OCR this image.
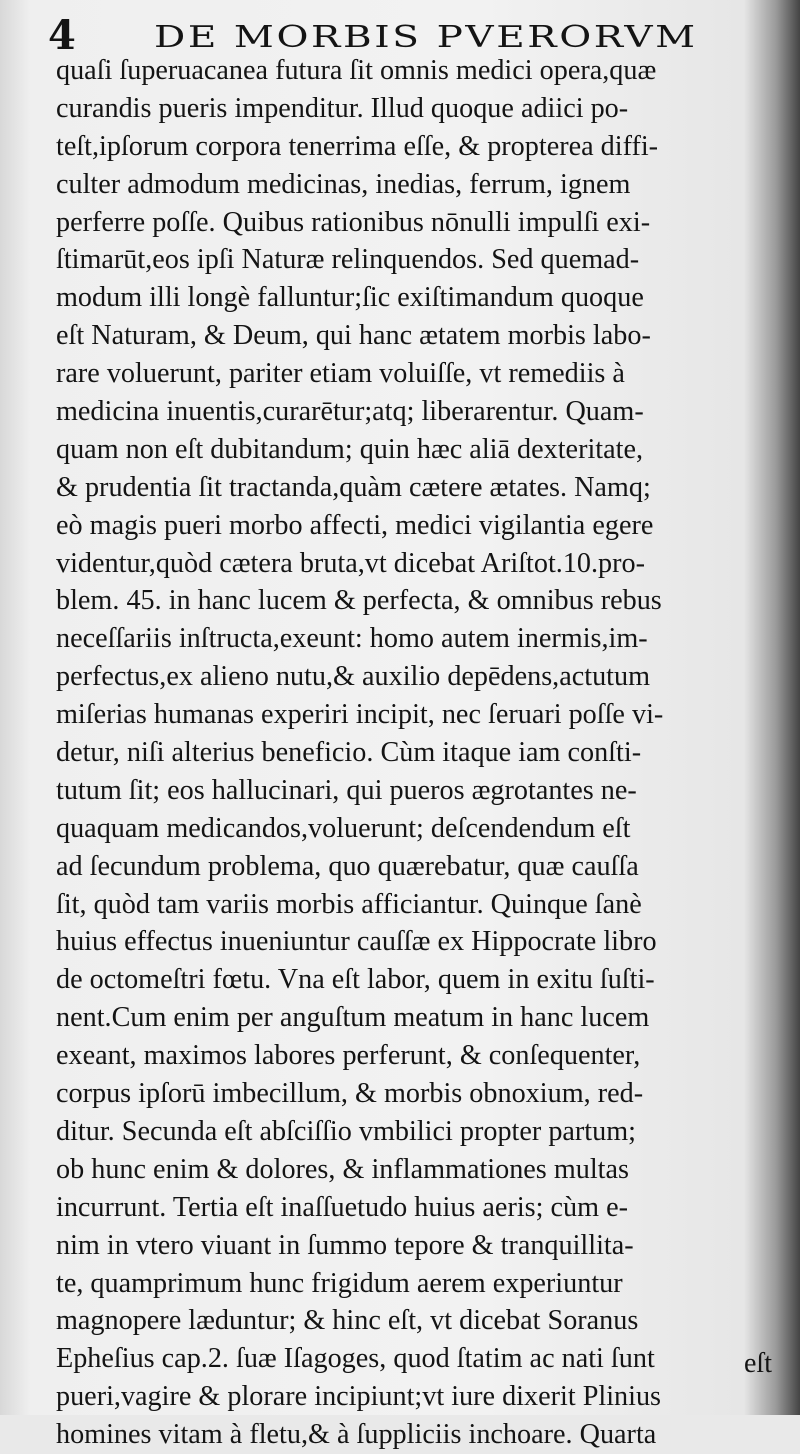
4	DE MORBIS PVERORVM
quaſi ſuperuacanea futura ſit omnis medici opera,quæ
curandis pueris impenditur. Illud quoque adiici po-
teſt,ipſorum corpora tenerrima eſſe, & propterea diffi-
culter admodum medicinas, inedias, ferrum, ignem
perferre poſſe. Quibus rationibus nōnulli impulſi exi-
ſtimarūt,eos ipſi Naturæ relinquendos. Sed quemad-
modum illi longè falluntur;ſic exiſtimandum quoque
eſt Naturam, & Deum, qui hanc ætatem morbis labo-
rare voluerunt, pariter etiam voluiſſe, vt remediis à
medicina inuentis,curarētur;atq; liberarentur. Quam-
quam non eſt dubitandum; quin hæc aliā dexteritate,
& prudentia ſit tractanda,quàm cætere ætates. Namq;
eò magis pueri morbo affecti, medici vigilantia egere
videntur,quòd cætera bruta,vt dicebat Ariſtot.10.pro-
blem. 45. in hanc lucem & perfecta, & omnibus rebus
neceſſariis inſtructa,exeunt: homo autem inermis,im-
perfectus,ex alieno nutu,& auxilio depēdens,actutum
miſerias humanas experiri incipit, nec ſeruari poſſe vi-
detur, niſi alterius beneficio. Cùm itaque iam conſti-
tutum ſit; eos hallucinari, qui pueros ægrotantes ne-
quaquam medicandos,voluerunt; deſcendendum eſt
ad ſecundum problema, quo quærebatur, quæ cauſſa
ſit, quòd tam variis morbis afficiantur. Quinque ſanè
huius effectus inueniuntur cauſſæ ex Hippocrate libro
de octomeſtri fœtu. Vna eſt labor, quem in exitu ſuſti-
nent.Cum enim per anguſtum meatum in hanc lucem
exeant, maximos labores perferunt, & conſequenter,
corpus ipſorū imbecillum, & morbis obnoxium, red-
ditur. Secunda eſt abſciſſio vmbilici propter partum;
ob hunc enim & dolores, & inflammationes multas
incurrunt. Tertia eſt inaſſuetudo huius aeris; cùm e-
nim in vtero viuant in ſummo tepore & tranquillita-
te, quamprimum hunc frigidum aerem experiuntur
magnopere læduntur; & hinc eſt, vt dicebat Soranus
Epheſius cap.2. ſuæ Iſagoges, quod ſtatim ac nati ſunt
pueri,vagire & plorare incipiunt;vt iure dixerit Plinius
homines vitam à fletu,& à ſuppliciis inchoare. Quarta
eſt
